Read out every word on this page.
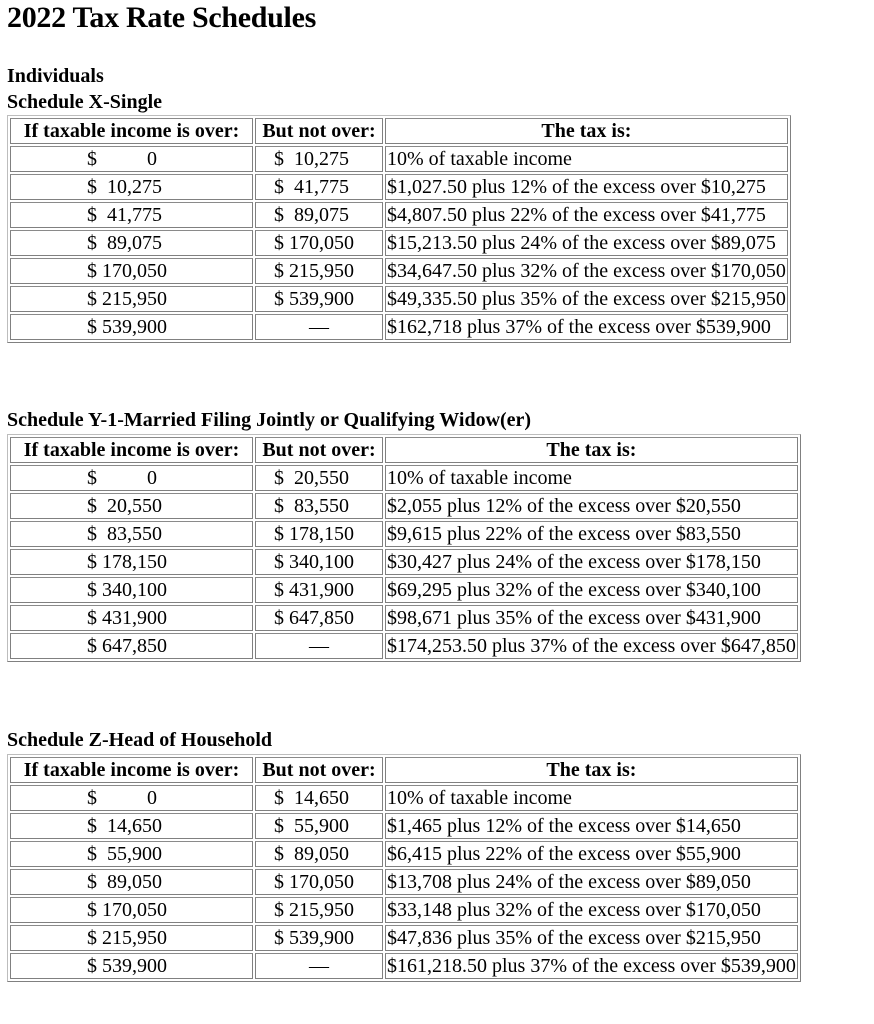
2022 Tax Rate Schedules
Individuals
Schedule X-Single
If taxable income is over:	But not over:	The tax is:
$          0	$  10,275	10% of taxable income
$  10,275	$  41,775	$1,027.50 plus 12% of the excess over $10,275
$  41,775	$  89,075	$4,807.50 plus 22% of the excess over $41,775
$  89,075	$ 170,050	$15,213.50 plus 24% of the excess over $89,075
$ 170,050	$ 215,950	$34,647.50 plus 32% of the excess over $170,050
$ 215,950	$ 539,900	$49,335.50 plus 35% of the excess over $215,950
$ 539,900	—	$162,718 plus 37% of the excess over $539,900
Schedule Y-1-Married Filing Jointly or Qualifying Widow(er)
If taxable income is over:	But not over:	The tax is:
$          0	$  20,550	10% of taxable income
$  20,550	$  83,550	$2,055 plus 12% of the excess over $20,550
$  83,550	$ 178,150	$9,615 plus 22% of the excess over $83,550
$ 178,150	$ 340,100	$30,427 plus 24% of the excess over $178,150
$ 340,100	$ 431,900	$69,295 plus 32% of the excess over $340,100
$ 431,900	$ 647,850	$98,671 plus 35% of the excess over $431,900
$ 647,850	—	$174,253.50 plus 37% of the excess over $647,850
Schedule Z-Head of Household
If taxable income is over:	But not over:	The tax is:
$          0	$  14,650	10% of taxable income
$  14,650	$  55,900	$1,465 plus 12% of the excess over $14,650
$  55,900	$  89,050	$6,415 plus 22% of the excess over $55,900
$  89,050	$ 170,050	$13,708 plus 24% of the excess over $89,050
$ 170,050	$ 215,950	$33,148 plus 32% of the excess over $170,050
$ 215,950	$ 539,900	$47,836 plus 35% of the excess over $215,950
$ 539,900	—	$161,218.50 plus 37% of the excess over $539,900
